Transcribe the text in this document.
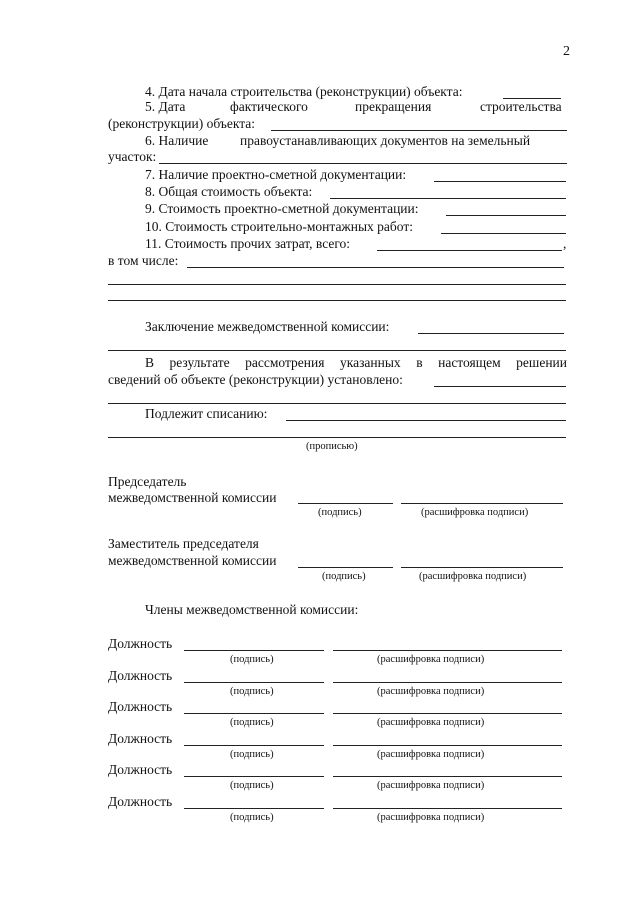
2
4. Дата начала строительства (реконструкции) объекта:
5. Дата	фактического	прекращения	строительства
(реконструкции) объекта:
6. Наличие правоустанавливающих документов на земельный
участок:
7. Наличие проектно-сметной документации:
8. Общая стоимость объекта:
9. Стоимость проектно-сметной документации:
10. Стоимость строительно-монтажных работ:
11. Стоимость прочих затрат, всего:	,
в том числе:
Заключение межведомственной комиссии:
В результате рассмотрения указанных в настоящем решении
сведений об объекте (реконструкции) установлено:
Подлежит списанию:
(прописью)
Председатель
межведомственной комиссии
(подпись)	(расшифровка подписи)
Заместитель председателя
межведомственной комиссии
(подпись)	(расшифровка подписи)
Члены межведомственной комиссии:
Должность
(подпись)	(расшифровка подписи)
Должность
(подпись)	(расшифровка подписи)
Должность
(подпись)	(расшифровка подписи)
Должность
(подпись)	(расшифровка подписи)
Должность
(подпись)	(расшифровка подписи)
Должность
(подпись)	(расшифровка подписи)
